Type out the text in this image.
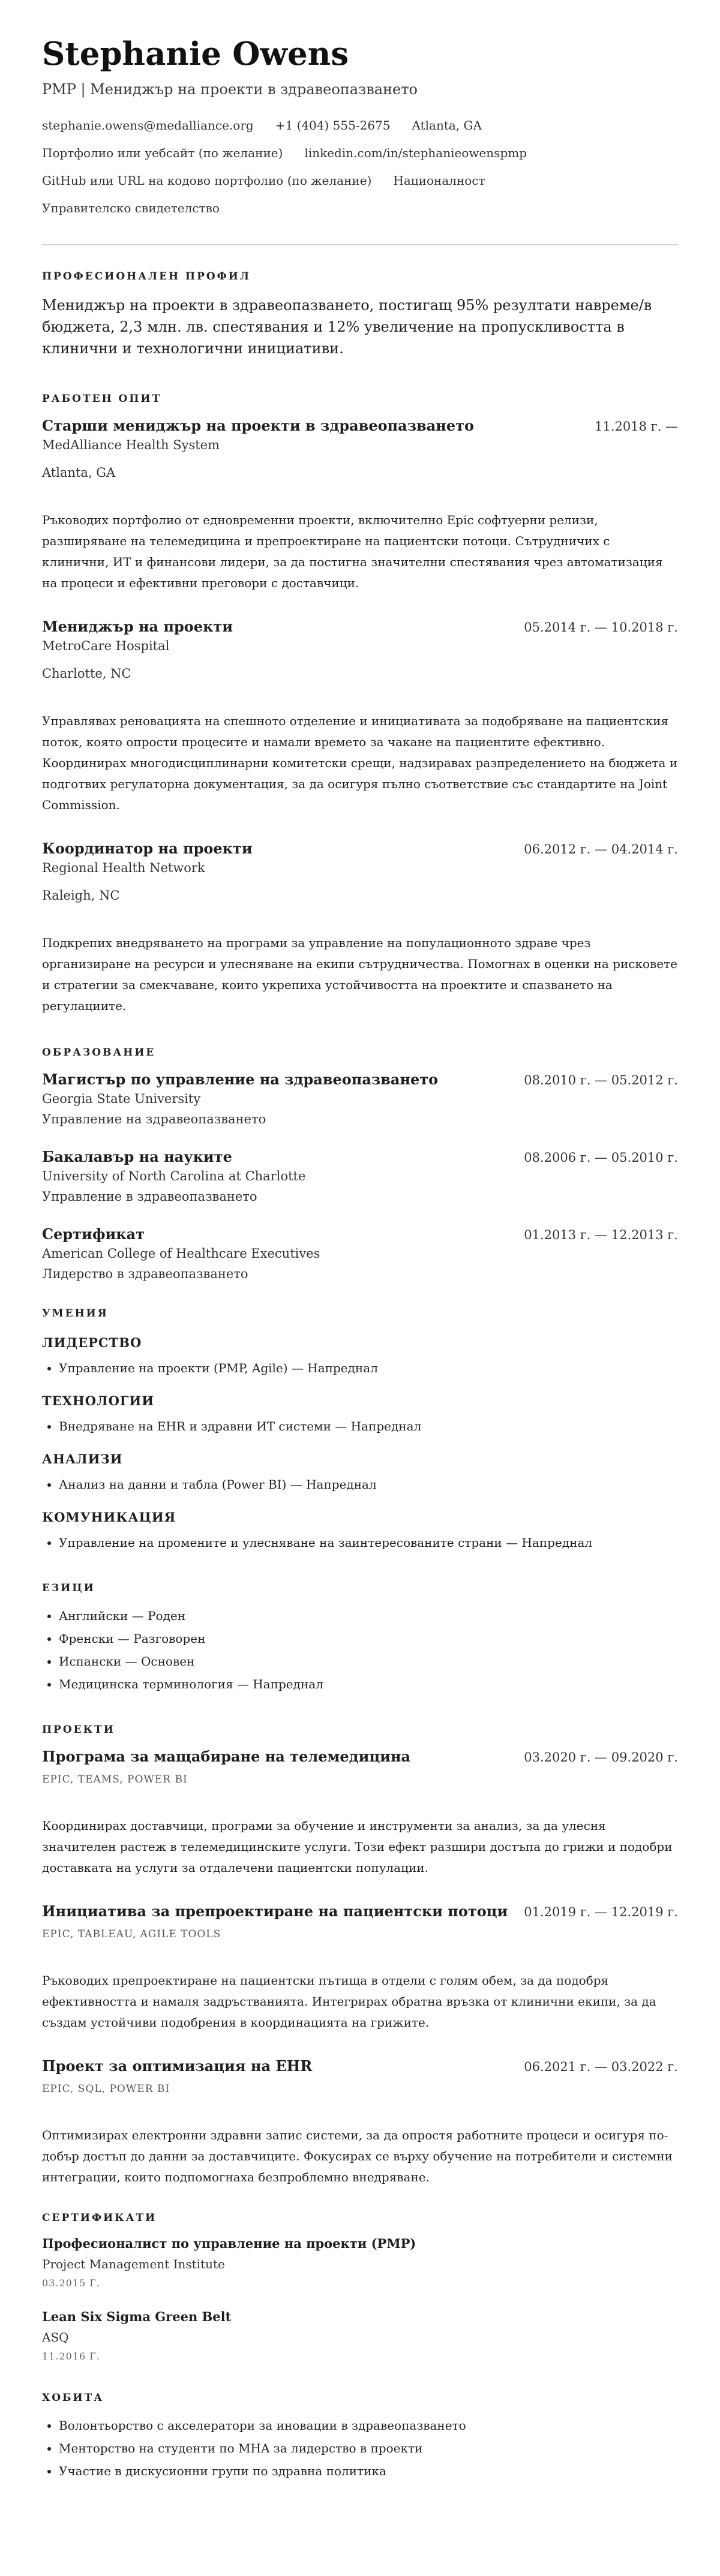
Stephanie Owens
PMP | Мениджър на проекти в здравеопазването
stephanie.owens@medalliance.org +1 (404) 555-2675 Atlanta, GA
Портфолио или уебсайт (по желание) linkedin.com/in/stephanieowenspmp
GitHub или URL на кодово портфолио (по желание) Националност
Управителско свидетелство
ПРОФЕСИОНАЛЕН ПРОФИЛ

Мениджър на проекти в здравеопазването, постигащ 95% резултати навреме/в бюджета, 2,3 млн. лв. спестявания и 12% увеличение на пропускливостта в клинични и технологични инициативи.

РАБОТЕН ОПИТ
Старши мениджър на проекти в здравеопазването	11.2018 г. —
MedAlliance Health System
Atlanta, GA
Ръководих портфолио от едновременни проекти, включително Epic софтуерни релизи, разширяване на телемедицина и препроектиране на пациентски потоци. Сътрудничих с клинични, ИТ и финансови лидери, за да постигна значителни спестявания чрез автоматизация на процеси и ефективни преговори с доставчици.
Мениджър на проекти	05.2014 г. — 10.2018 г.
MetroCare Hospital
Charlotte, NC
Управлявах реновацията на спешното отделение и инициативата за подобряване на пациентския поток, която опрости процесите и намали времето за чакане на пациентите ефективно. Координирах многодисциплинарни комитетски срещи, надзиравах разпределението на бюджета и подготвих регулаторна документация, за да осигуря пълно съответствие със стандартите на Joint Commission.
Координатор на проекти	06.2012 г. — 04.2014 г.
Regional Health Network
Raleigh, NC
Подкрепих внедряването на програми за управление на популационното здраве чрез организиране на ресурси и улесняване на екипи сътрудничества. Помогнах в оценки на рисковете и стратегии за смекчаване, които укрепиха устойчивостта на проектите и спазването на регулациите.
ОБРАЗОВАНИЕ
Магистър по управление на здравеопазването	08.2010 г. — 05.2012 г.
Georgia State University
Управление на здравеопазването
Бакалавър на науките	08.2006 г. — 05.2010 г.
University of North Carolina at Charlotte
Управление в здравеопазването
Сертификат	01.2013 г. — 12.2013 г.
American College of Healthcare Executives
Лидерство в здравеопазването
УМЕНИЯ
ЛИДЕРСТВО
• Управление на проекти (PMP, Agile) — Напреднал
ТЕХНОЛОГИИ
• Внедряване на EHR и здравни ИТ системи — Напреднал
АНАЛИЗИ
• Анализ на данни и табла (Power BI) — Напреднал
КОМУНИКАЦИЯ
• Управление на промените и улесняване на заинтересованите страни — Напреднал
ЕЗИЦИ
• Английски — Роден
• Френски — Разговорен
• Испански — Основен
• Медицинска терминология — Напреднал
ПРОЕКТИ
Програма за мащабиране на телемедицина	03.2020 г. — 09.2020 г.
EPIC, TEAMS, POWER BI
Координирах доставчици, програми за обучение и инструменти за анализ, за да улесня значителен растеж в телемедицинските услуги. Този ефект разшири достъпа до грижи и подобри доставката на услуги за отдалечени пациентски популации.
Инициатива за препроектиране на пациентски потоци 01.2019 г. — 12.2019 г.
EPIC, TABLEAU, AGILE TOOLS
Ръководих препроектиране на пациентски пътища в отдели с голям обем, за да подобря ефективността и намаля задръстванията. Интегрирах обратна връзка от клинични екипи, за да създам устойчиви подобрения в координацията на грижите.
Проект за оптимизация на EHR	06.2021 г. — 03.2022 г.
EPIC, SQL, POWER BI
Оптимизирах електронни здравни запис системи, за да опростя работните процеси и осигуря по-добър достъп до данни за доставчиците. Фокусирах се върху обучение на потребители и системни интеграции, които подпомогнаха безпроблемно внедряване.
СЕРТИФИКАТИ
Професионалист по управление на проекти (PMP)
Project Management Institute
03.2015 Г.
Lean Six Sigma Green Belt
ASQ
11.2016 Г.
ХОБИТА
• Волонтьорство с акселератори за иновации в здравеопазването
• Менторство на студенти по MHA за лидерство в проекти
• Участие в дискусионни групи по здравна политика
